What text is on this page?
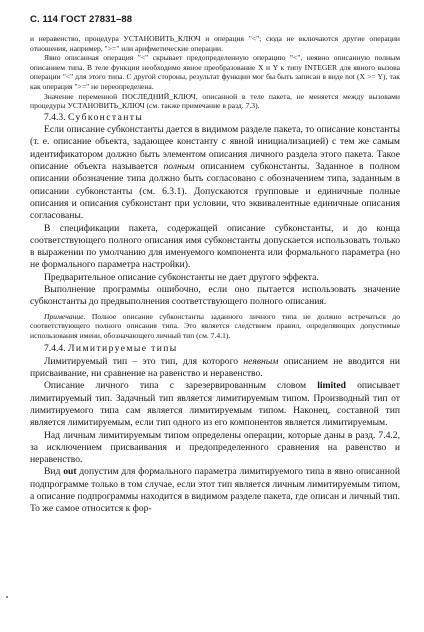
С. 114 ГОСТ 27831–88

и неравенство, процедура УСТАНОВИТЬ_КЛЮЧ и операция "<"; сюда не включаются другие операции отношения, например, ">=" или арифметические операции.

Явно описанная операция "<" скрывает предопределенную операцию "<", неявно описанную полным описанием типа. В теле функции необходимо явное преобразование X и Y к типу INTEGER для явного вызова операции "<" для этого типа. С другой стороны, результат функции мог бы быть записан в виде not (X >= Y), так как операция ">=" не переопределена.

Значение переменной ПОСЛЕДНИЙ_КЛЮЧ, описанной в теле пакета, не меняется между вызовами процедуры УСТАНОВИТЬ_КЛЮЧ (см. также примечание в разд. 7.3).

7.4.3. Субконстанты

Если описание субконстанты дается в видимом разделе пакета, то описание константы (т. е. описание объекта, задающее константу с явной инициализацией) с тем же самым идентификатором должно быть элементом описания личного раздела этого пакета. Такое описание объекта называется полным описанием субконстанты. Заданное в полном описании обозначение типа должно быть согласовано с обозначением типа, заданным в описании субконстанты (см. 6.3.1). Допускаются групповые и единичные полные описания и описания субконстант при условии, что эквивалентные единичные описания согласованы.

В спецификации пакета, содержащей описание субконстанты, и до конца соответствующего полного описания имя субконстанты допускается использовать только в выражении по умолчанию для именуемого компонента или формального параметра (но не формального параметра настройки).

Предварительное описание субконстанты не дает другого эффекта.

Выполнение программы ошибочно, если оно пытается использовать значение субконстанты до предвыполнения соответствующего полного описания.

Примечание. Полное описание субконстанты заданного личного типа не должно встречаться до соответствующего полного описания типа. Это является следствием правил, определяющих допустимые использования имени, обозначающего личный тип (см. 7.4.1).

7.4.4. Лимитируемые типы

Лимитируемый тип – это тип, для которого неявным описанием не вводится ни присваивание, ни сравнение на равенство и неравенство.

Описание личного типа с зарезервированным словом limited описывает лимитируемый тип. Задачный тип является лимитируемым типом. Производный тип от лимитируемого типа сам является лимитируемым типом. Наконец, составной тип является лимитируемым, если тип одного из его компонентов является лимитируемым.

Над личным лимитируемым типом определены операции, которые даны в разд. 7.4.2, за исключением присваивания и предопределенного сравнения на равенство и неравенство.

Вид out допустим для формального параметра лимитируемого типа в явно описанной подпрограмме только в том случае, если этот тип является личным лимитируемым типом, а описание подпрограммы находится в видимом разделе пакета, где описан и личный тип. То же самое относится к фор-
